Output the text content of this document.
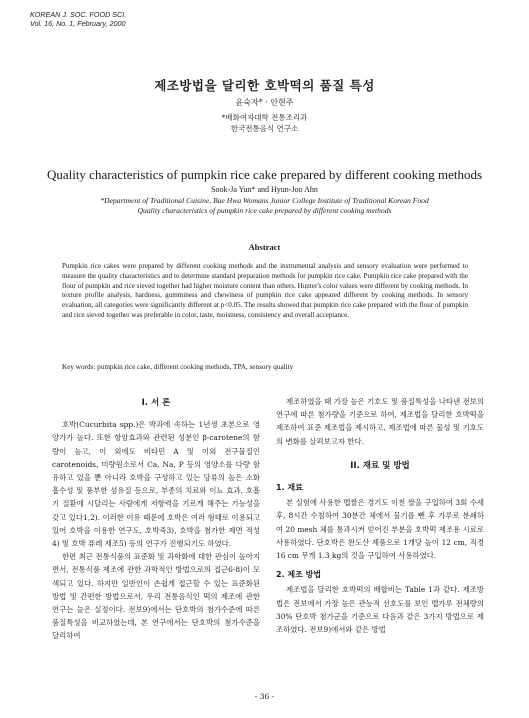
KOREAN J. SOC. FOOD SCI.
Vol. 16, No. 1, February, 2000
제조방법을 달리한 호박떡의 품질 특성
윤숙자* · 안현주
*배화여자대학 전통조리과
한국전통음식 연구소
Quality characteristics of pumpkin rice cake prepared by different cooking methods
Sook-Ja Yun* and Hyun-Joo Ahn
*Department of Traditional Cuisine, Bae Hwa Womans Junior College Institute of Traditional Korean Food
Quality characteristics of pumpkin rice cake prepared by different cooking methods
Abstract

Pumpkin rice cakes were prepared by different cooking methods and the instrumental analysis and sensory evaluation were performed to measure the quality characteristics and to determine standard preparation methods for pumpkin rice cake. Pumpkin rice cake prepared with the flour of pumpkin and rice sieved together had higher moisture content than others. Hunter's color values were different by cooking methods. In texture profile analysis, hardness, gumminess and chewiness of pumpkin rice cake appeared different by cooking methods. In sensory evaluation, all categories were significantly different at p<0.05. The results showed that pumpkin rice cake prepared with the flour of pumpkin and rice sieved together was preferable in color, taste, moistness, consistency and overall acceptance.

Key words: pumpkin rice cake, different cooking methods, TPA, sensory quality

I. 서 론

호박(Cucurbita spp.)은 박과에 속하는 1년생 초본으로 영양가가 높다. 또한 항암효과와 관련된 성분인 β-carotene의 함량이 높고, 이 외에도 비타민 A 및 이외 전구물질인 carotenoids, 미량원소로서 Ca, Na, P 등의 영양소를 다량 함유하고 있을 뿐 아니라 호박을 구성하고 있는 당류의 높은 소화 흡수성 및 풍부한 섬유질 등으로, 부종의 치료와 이뇨 효과, 호흡기 질환에 시달리는 사람에게 저항력을 기르게 해주는 기능성을 갖고 있다1,2). 이러한 이유 때문에 호박은 여러 형태로 이용되고 있어 호박을 이용한 연구도, 호박죽3), 호박을 첨가한 제면 적성4) 및 호박 퓨레 제조5) 등의 연구가 진행되기도 하였다.

한편 최근 전통식품의 표준화 및 과학화에 대한 관심이 높아지면서, 전통식품 제조에 관한 과학적인 방법으로의 접근6-8)이 모색되고 있다. 하지만 일반인이 손쉽게 접근할 수 있는 표준화된 방법 및 간편한 방법으로서, 우리 전통음식인 떡의 제조에 관한 연구는 늘은 실정이다. 전보9)에서는 단호박의 첨가수준에 따른 품질특성을 비교하였는데, 본 연구에서는 단호박의 첨가수준을 달리하여

제조하였을 때 가장 높은 기호도 및 품질특성을 나타낸 전보의 연구에 따른 첨가량을 기준으로 하여, 제조법을 달리한 호박떡을 제조하여 표준 제조법을 제시하고, 제조법에 따른 물성 및 기호도의 변화를 살펴보고자 한다.

II. 재료 및 방법
1. 재료

본 실험에 사용한 멥쌀은 경기도 이천 쌀을 구입하여 3회 수세 후, 8시간 수침하여 30분간 체에서 물기를 뺀 후 가루로 분쇄하여 20 mesh 체를 통과시켜 얻어진 부분을 호박떡 제조용 시료로 사용하였다. 단호박은 완도산 제품으로 1개당 높이 12 cm, 직경 16 cm 무게 1.3 kg의 것을 구입하여 사용하였다.

2. 제조 방법

제조법을 달리한 호박떡의 배합비는 Table 1과 같다. 제조방법은 전보에서 가장 높은 관능적 선호도를 보인 멥가루 전체량의 30% 단호박 첨가군을 기준으로 다음과 같은 3가지 방법으로 제조하였다. 전보9)에서와 같은 방법

- 36 -
